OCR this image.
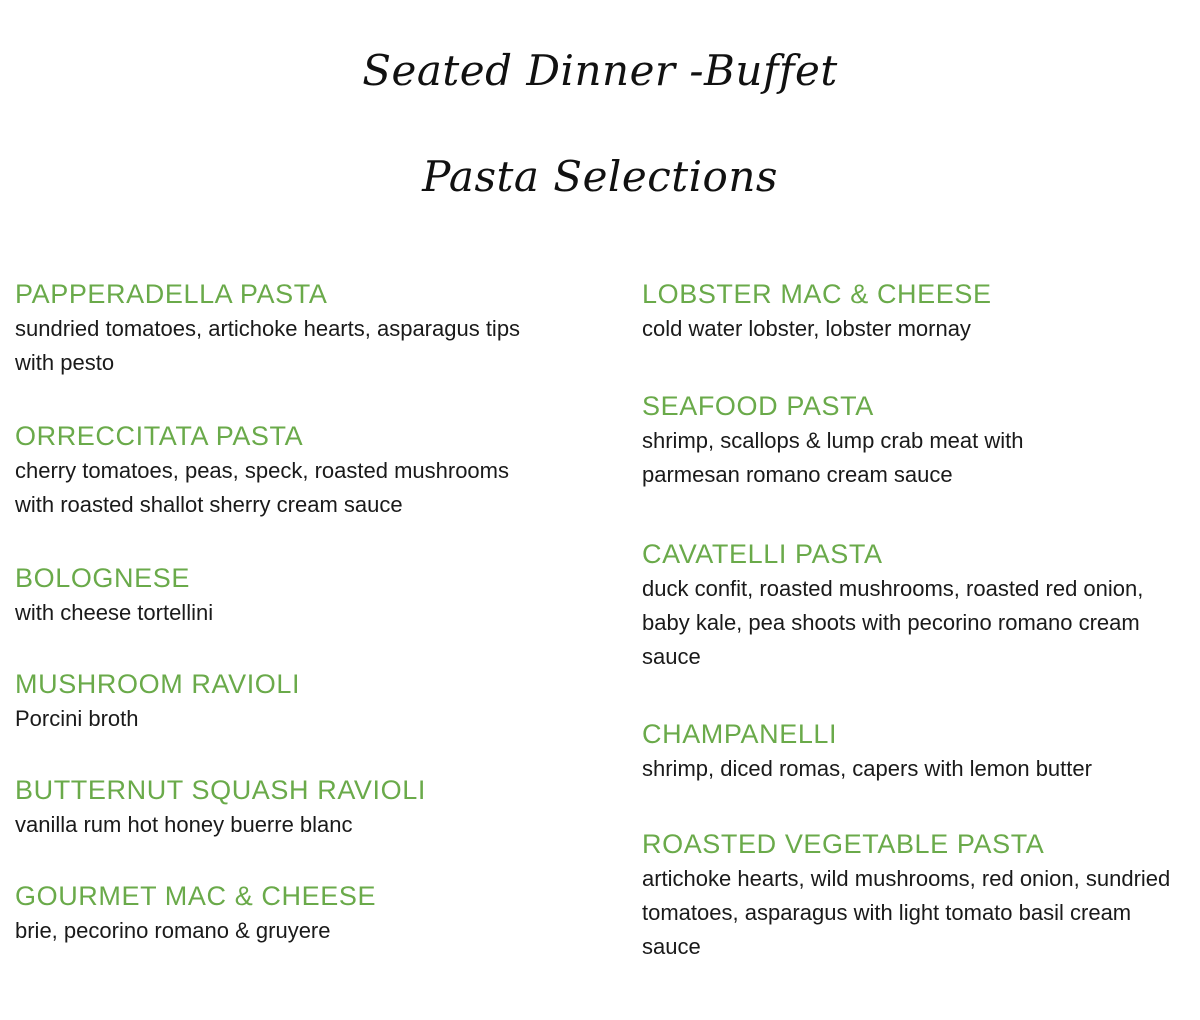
Seated Dinner -Buffet
Pasta Selections
PAPPERADELLA PASTA
sundried tomatoes, artichoke hearts, asparagus tips with pesto
ORRECCITATA PASTA
cherry tomatoes, peas, speck, roasted mushrooms with roasted shallot sherry cream sauce
BOLOGNESE
with cheese tortellini
MUSHROOM RAVIOLI
Porcini broth
BUTTERNUT SQUASH RAVIOLI
vanilla rum hot honey buerre blanc
GOURMET MAC & CHEESE
brie, pecorino romano & gruyere
LOBSTER MAC & CHEESE
cold water lobster, lobster mornay
SEAFOOD PASTA
shrimp, scallops & lump crab meat with parmesan romano cream sauce
CAVATELLI PASTA
duck confit, roasted mushrooms, roasted red onion, baby kale, pea shoots with pecorino romano cream sauce
CHAMPANELLI
shrimp, diced romas, capers with lemon butter
ROASTED VEGETABLE PASTA
artichoke hearts, wild mushrooms, red onion, sundried tomatoes, asparagus with light tomato basil cream sauce
